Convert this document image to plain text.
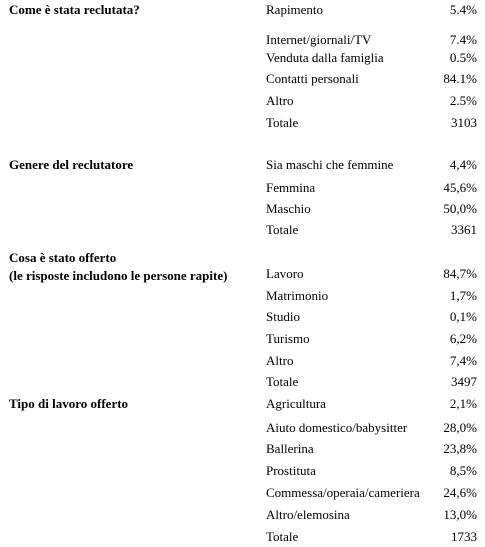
Come è stata reclutata?	Rapimento	5.4%
Internet/giornali/TV	7.4%
Venduta dalla famiglia	0.5%
Contatti personali	84.1%
Altro	2.5%
Totale	3103
Genere del reclutatore	Sia maschi che femmine	4,4%
Femmina	45,6%
Maschio	50,0%
Totale	3361
Cosa è stato offerto
(le risposte includono le persone rapite)	Lavoro	84,7%
Matrimonio	1,7%
Studio	0,1%
Turismo	6,2%
Altro	7,4%
Totale	3497
Tipo di lavoro offerto	Agricultura	2,1%
Aiuto domestico/babysitter	28,0%
Ballerina	23,8%
Prostituta	8,5%
Commessa/operaia/cameriera 24,6%
Altro/elemosina	13,0%
Totale	1733
